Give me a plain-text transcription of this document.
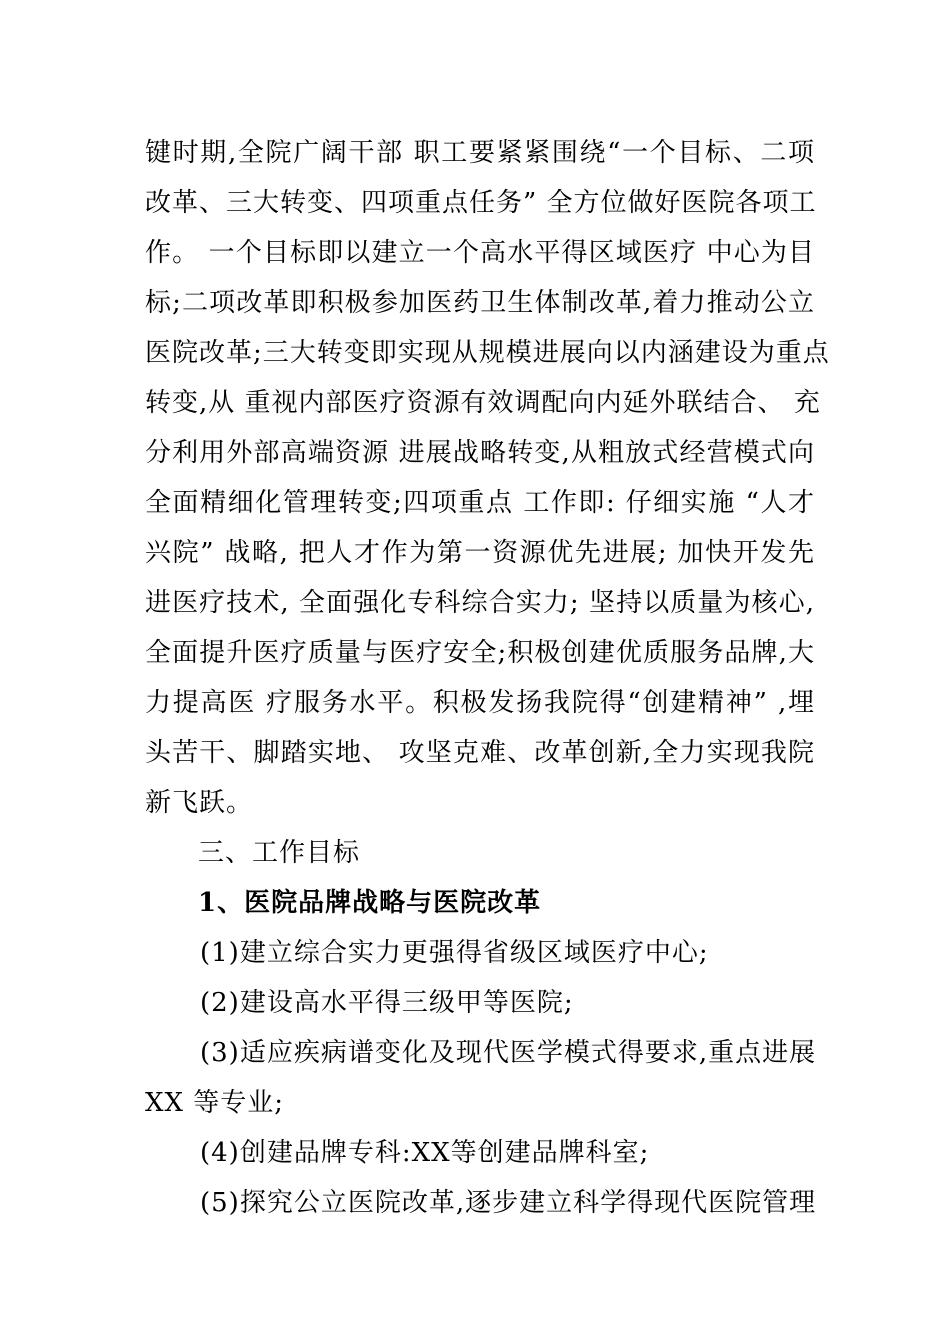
键时期,全院广阔干部 职工要紧紧围绕“一个目标、二项
改革、三大转变、四项重点任务” 全方位做好医院各项工
作。 一个目标即以建立一个高水平得区域医疗 中心为目
标;二项改革即积极参加医药卫生体制改革,着力推动公立
医院改革;三大转变即实现从规模进展向以内涵建设为重点
转变,从 重视内部医疗资源有效调配向内延外联结合、 充
分利用外部高端资源 进展战略转变,从粗放式经营模式向
全面精细化管理转变;四项重点 工作即: 仔细实施 “人才
兴院” 战略, 把人才作为第一资源优先进展; 加快开发先
进医疗技术, 全面强化专科综合实力; 坚持以质量为核心,
全面提升医疗质量与医疗安全;积极创建优质服务品牌,大
力提高医 疗服务水平。积极发扬我院得“创建精神” ,埋
头苦干、脚踏实地、 攻坚克难、改革创新,全力实现我院
新飞跃。
三、工作目标
1、医院品牌战略与医院改革
(1)建立综合实力更强得省级区域医疗中心;
(2)建设高水平得三级甲等医院;
(3)适应疾病谱变化及现代医学模式得要求,重点进展
XX 等专业;
(4)创建品牌专科:XX等创建品牌科室;
(5)探究公立医院改革,逐步建立科学得现代医院管理
